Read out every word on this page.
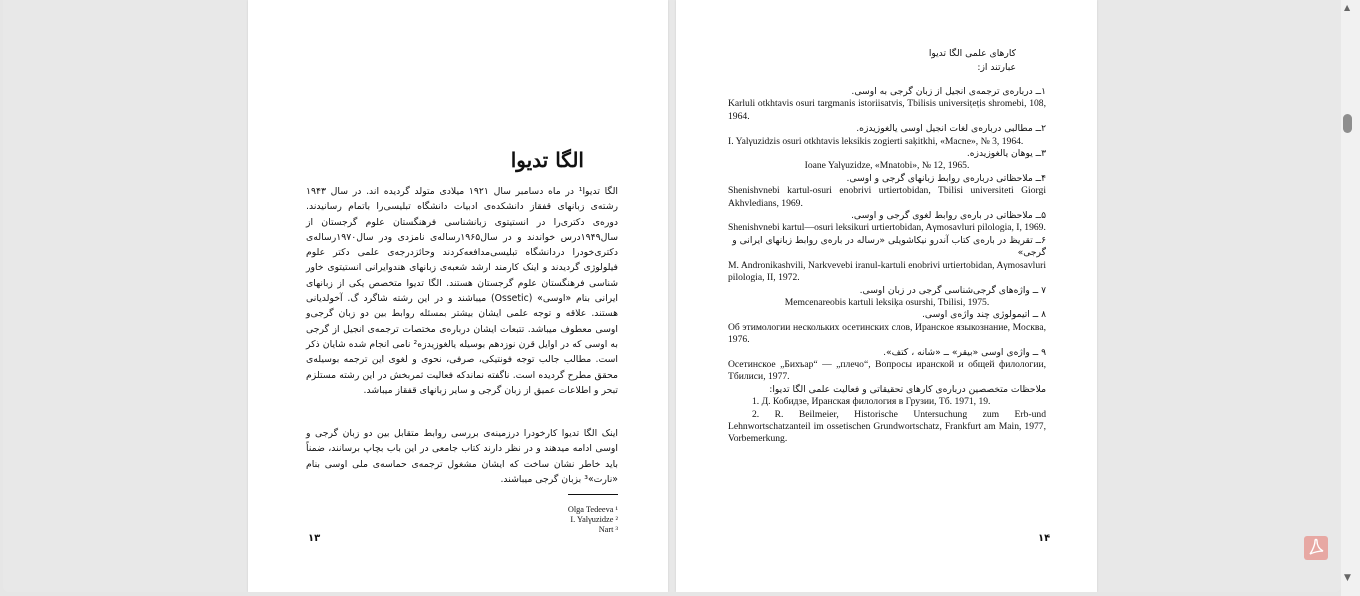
الگا تدیوا
الگا تدیوا¹ در ماه دسامبر سال ۱۹۲۱ میلادی متولد گردیده اند. در سال ۱۹۴۳ رشته‌ی زبانهای قفقاز دانشکده‌ی ادبیات دانشگاه تبلیسی‌را باتمام رسانیدند. دوره‌ی دکتری‌را در انستیتوی زبانشناسی فرهنگستان علوم گرجستان از سال۱۹۴۹درس خواندند و در سال۱۹۶۵رساله‌ی نامزدی ودر سال۱۹۷۰رساله‌ی دکتری‌خودرا دردانشگاه تبلیسی‌مدافعه‌کردند وحائزدرجه‌ی علمی دکتر علوم فیلولوژی گردیدند و اینک کارمند ارشد شعبه‌ی زبانهای هندوایرانی انستیتوی خاور شناسی فرهنگستان علوم گرجستان هستند. الگا تدیوا متخصص یکی از زبانهای ایرانی بنام «اوسی» (Ossetic) میباشند و در این رشته شاگرد گ. آخولدیانی هستند. علاقه و توجه علمی ایشان بیشتر بمسئله روابط بین دو زبان گرجی‌و اوسی معطوف میباشد. تتبعات ایشان درباره‌ی مختصات ترجمه‌ی انجیل از گرجی به اوسی که در اوایل قرن نوزدهم بوسیله یالغوزیدزه² نامی انجام شده شایان ذکر است. مطالب جالب توجه فونتیکی، صرفی، نحوی و لغوی این ترجمه بوسیله‌ی محقق مطرح گردیده است. ناگفته نماند‌که فعالیت ثمربخش در این رشته مستلزم تبحر و اطلاعات عمیق از زبان گرجی و سایر زبانهای قفقاز میباشد.
اینک الگا تدیوا کارخودرا درزمینه‌ی بررسی روابط متقابل بین دو زبان گرجی و اوسی ادامه میدهند و در نظر دارند کتاب جامعی در این باب بچاپ برسانند، ضمناً باید خاطر نشان ساخت که ایشان مشغول ترجمه‌ی حماسه‌ی ملی اوسی بنام «نارت»³ بزبان گرجی میباشند.
Olga Tedeeva ¹
I. Yalγuzidze ²
Nart ³
۱۳
کارهای علمی الگا تدیوا
عبارتند از:
۱ــ درباره‌ی ترجمه‌ی انجیل از زبان گرجی به اوسی.
Karluli otkhtavis osuri targmanis istoriisatvis, Tbilisis universiṭeṭis shromebi, 108, 1964.
۲ــ مطالبی درباره‌ی لغات انجیل اوسی یالغوزیدزه.
I. Yalγuzidzis osuri otkhtavis leksikis zogierti saḳitkhi, «Macne», № 3, 1964.
۳ــ یوهان یالغوزیدزه.
Ioane Yalγuzidze, «Mnatobi», № 12, 1965.
۴ــ ملاحظاتی درباره‌ی روابط زبانهای گرجی و اوسی.
Shenishvnebi kartul-osuri enobrivi urtiertobidan, Tbilisi universiteti Giorgi Akhvledians, 1969.
۵ــ ملاحظاتی در باره‌ی روابط لغوی گرجی و اوسی.
Shenishvnebi kartul—osuri leksikuri urtiertobidan, Aγmosavluri pilologia, I, 1969.
۶ــ تقریظ در باره‌ی کتاب آندرو نیکاشویلی «رساله در باره‌ی روابط زبانهای ایرانی و گرجی»
M. Andronikashvili, Narkvevebi iranul-kartuli enobrivi urtiertobidan, Aγmosavluri pilologia, II, 1972.
۷ ــ واژه‌های گرجی‌شناسی گرجی در زبان اوسی.
Memcenareobis kartuli leksiḳa osurshi, Tbilisi, 1975.
۸ ــ اتیمولوژی چند واژه‌ی اوسی.
Об этимологии нескольких осетинских слов, Иранское языкознание, Москва, 1976.
۹ ــ واژه‌ی اوسی «بیقر» ــ «شانه ، کتف».
Осетинское „Бихъар“ — „плечо“, Вопросы иранской и общей филологии, Тбилиси, 1977.
ملاحظات متخصصین درباره‌ی کارهای تحقیقاتی و فعالیت علمی الگا تدیوا:
1. Д. Кобидзе, Иранская филология в Грузии, Тб. 1971, 19.
2. R. Beilmeier, Historische Untersuchung zum Erb-und Lehnwortschatzanteil im ossetischen Grundwortschatz, Frankfurt am Main, 1977, Vorbemerkung.
۱۴
▲
▼
